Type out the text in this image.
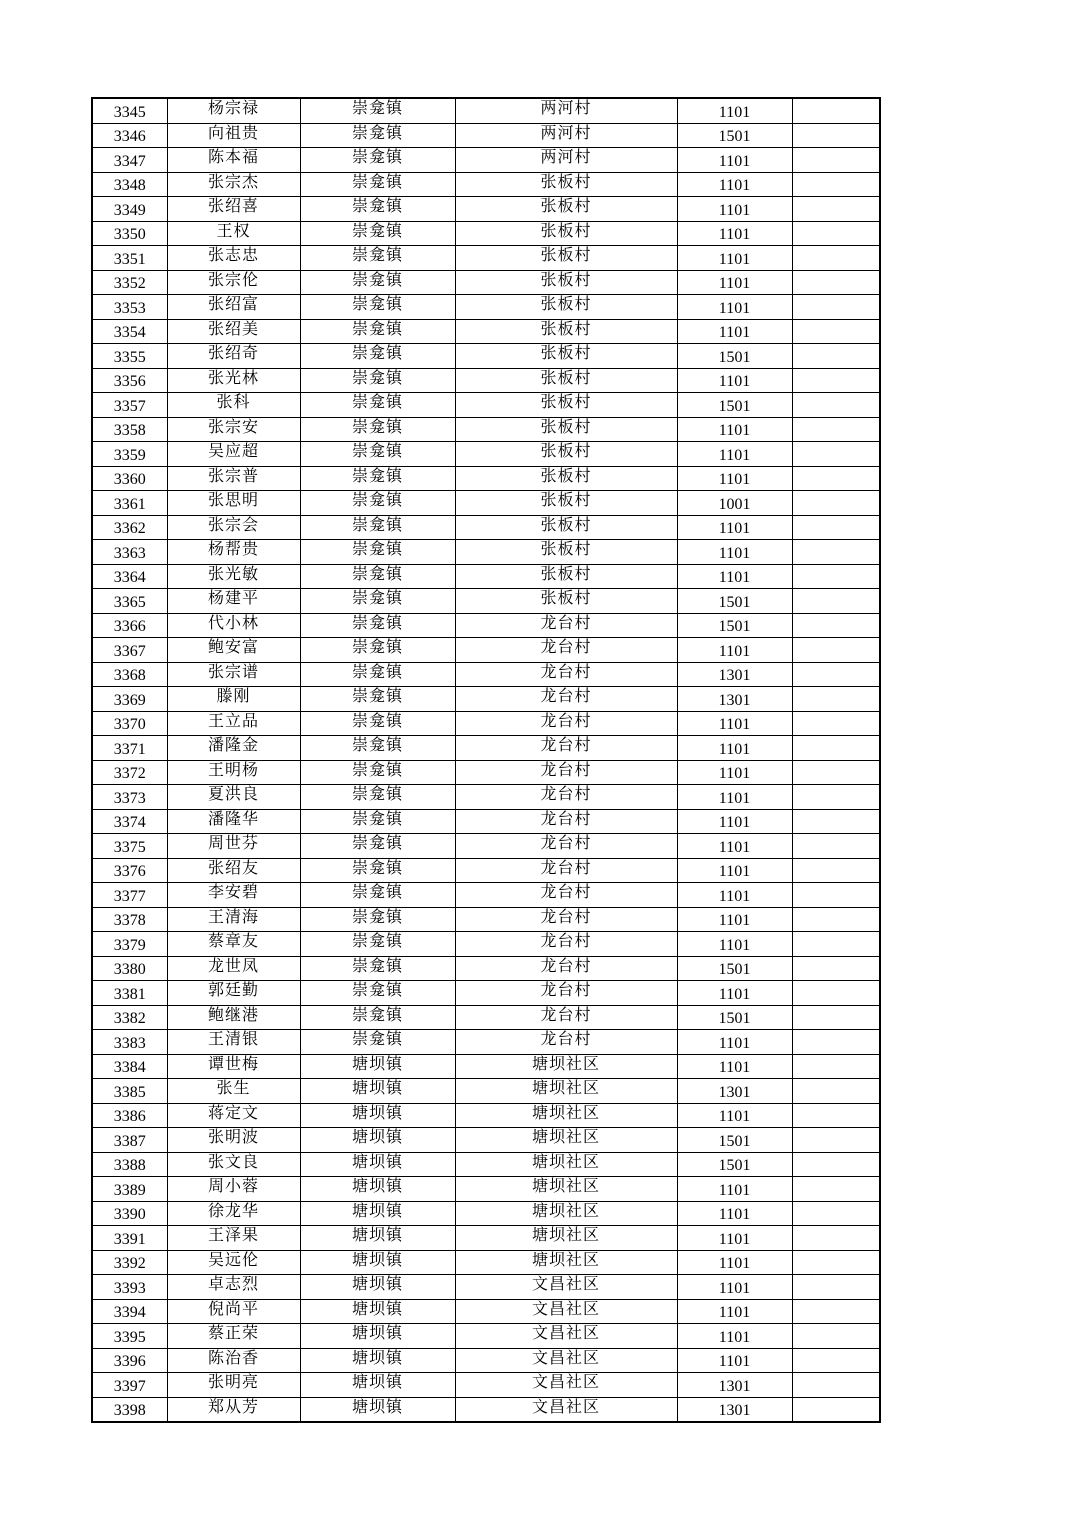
3345	杨宗禄	崇龛镇	两河村	1101	
3346	向祖贵	崇龛镇	两河村	1501	
3347	陈本福	崇龛镇	两河村	1101	
3348	张宗杰	崇龛镇	张板村	1101	
3349	张绍喜	崇龛镇	张板村	1101	
3350	王权	崇龛镇	张板村	1101	
3351	张志忠	崇龛镇	张板村	1101	
3352	张宗伦	崇龛镇	张板村	1101	
3353	张绍富	崇龛镇	张板村	1101	
3354	张绍美	崇龛镇	张板村	1101	
3355	张绍奇	崇龛镇	张板村	1501	
3356	张光林	崇龛镇	张板村	1101	
3357	张科	崇龛镇	张板村	1501	
3358	张宗安	崇龛镇	张板村	1101	
3359	吴应超	崇龛镇	张板村	1101	
3360	张宗普	崇龛镇	张板村	1101	
3361	张思明	崇龛镇	张板村	1001	
3362	张宗会	崇龛镇	张板村	1101	
3363	杨帮贵	崇龛镇	张板村	1101	
3364	张光敏	崇龛镇	张板村	1101	
3365	杨建平	崇龛镇	张板村	1501	
3366	代小林	崇龛镇	龙台村	1501	
3367	鲍安富	崇龛镇	龙台村	1101	
3368	张宗谱	崇龛镇	龙台村	1301	
3369	滕刚	崇龛镇	龙台村	1301	
3370	王立品	崇龛镇	龙台村	1101	
3371	潘隆金	崇龛镇	龙台村	1101	
3372	王明杨	崇龛镇	龙台村	1101	
3373	夏洪良	崇龛镇	龙台村	1101	
3374	潘隆华	崇龛镇	龙台村	1101	
3375	周世芬	崇龛镇	龙台村	1101	
3376	张绍友	崇龛镇	龙台村	1101	
3377	李安碧	崇龛镇	龙台村	1101	
3378	王清海	崇龛镇	龙台村	1101	
3379	蔡章友	崇龛镇	龙台村	1101	
3380	龙世凤	崇龛镇	龙台村	1501	
3381	郭廷勤	崇龛镇	龙台村	1101	
3382	鲍继港	崇龛镇	龙台村	1501	
3383	王清银	崇龛镇	龙台村	1101	
3384	谭世梅	塘坝镇	塘坝社区	1101	
3385	张生	塘坝镇	塘坝社区	1301	
3386	蒋定文	塘坝镇	塘坝社区	1101	
3387	张明波	塘坝镇	塘坝社区	1501	
3388	张文良	塘坝镇	塘坝社区	1501	
3389	周小蓉	塘坝镇	塘坝社区	1101	
3390	徐龙华	塘坝镇	塘坝社区	1101	
3391	王泽果	塘坝镇	塘坝社区	1101	
3392	吴远伦	塘坝镇	塘坝社区	1101	
3393	卓志烈	塘坝镇	文昌社区	1101	
3394	倪尚平	塘坝镇	文昌社区	1101	
3395	蔡正荣	塘坝镇	文昌社区	1101	
3396	陈治香	塘坝镇	文昌社区	1101	
3397	张明亮	塘坝镇	文昌社区	1301	
3398	郑从芳	塘坝镇	文昌社区	1301	
